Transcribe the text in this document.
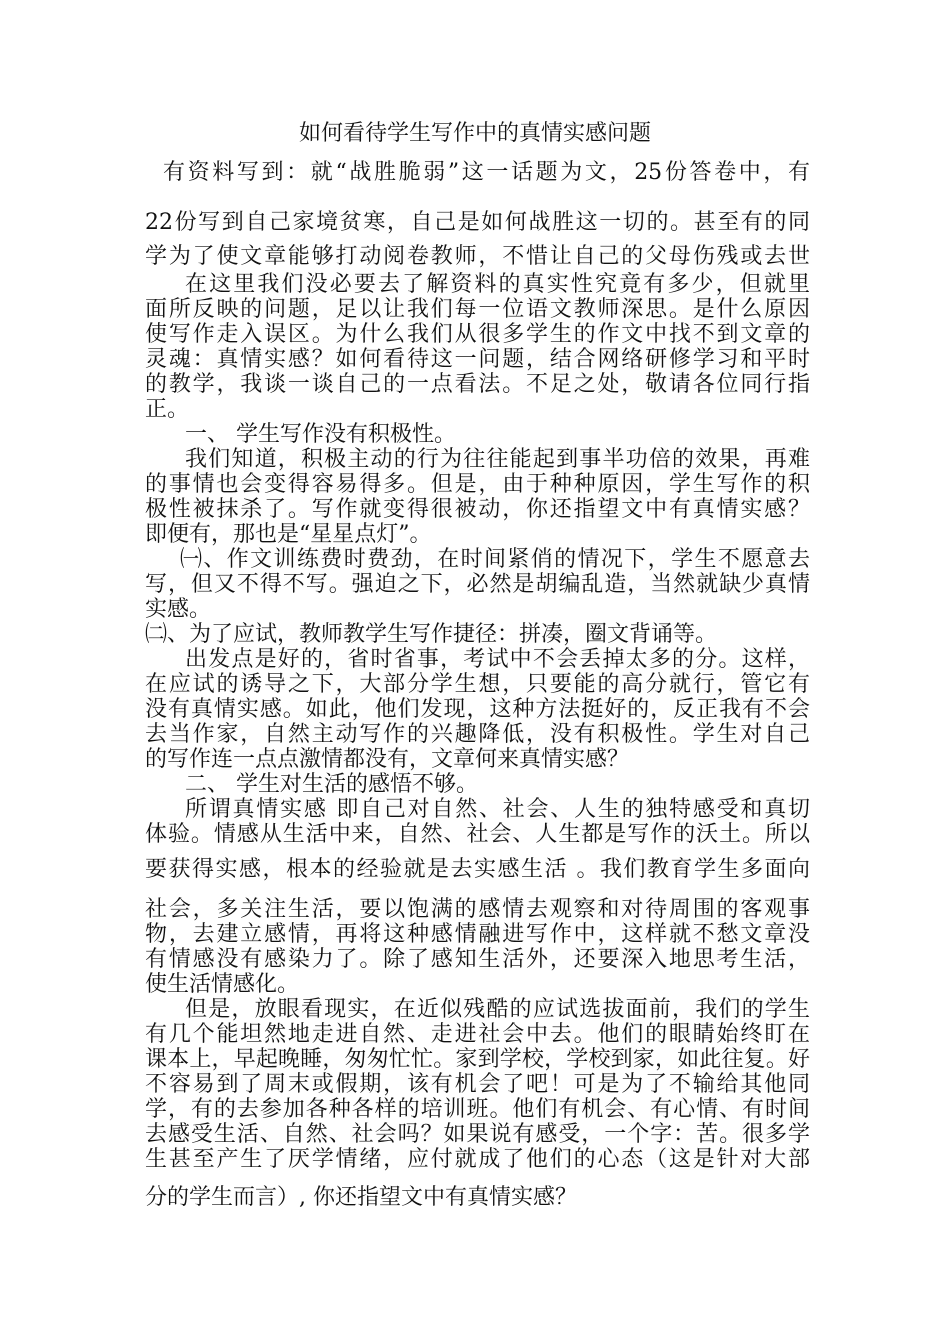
如何看待学生写作中的真情实感问题
有资料写到：就“战胜脆弱”这一话题为文，25份答卷中，有
22份写到自己家境贫寒，自己是如何战胜这一切的。甚至有的同
学为了使文章能够打动阅卷教师，不惜让自己的父母伤残或去世
在这里我们没必要去了解资料的真实性究竟有多少，但就里
面所反映的问题，足以让我们每一位语文教师深思。是什么原因
使写作走入误区。为什么我们从很多学生的作文中找不到文章的
灵魂：真情实感？如何看待这一问题，结合网络研修学习和平时
的教学，我谈一谈自己的一点看法。不足之处，敬请各位同行指
正。
一、 学生写作没有积极性。
我们知道，积极主动的行为往往能起到事半功倍的效果，再难
的事情也会变得容易得多。但是，由于种种原因，学生写作的积
极性被抹杀了。写作就变得很被动，你还指望文中有真情实感？
即便有，那也是“星星点灯”。
㈠、作文训练费时费劲，在时间紧俏的情况下，学生不愿意去
写，但又不得不写。强迫之下，必然是胡编乱造，当然就缺少真情
实感。
㈡、为了应试，教师教学生写作捷径：拼凑，圈文背诵等。
出发点是好的，省时省事，考试中不会丢掉太多的分。这样，
在应试的诱导之下，大部分学生想，只要能的高分就行，管它有
没有真情实感。如此，他们发现，这种方法挺好的，反正我有不会
去当作家，自然主动写作的兴趣降低，没有积极性。学生对自己
的写作连一点点激情都没有，文章何来真情实感？
二、 学生对生活的感悟不够。
所谓真情实感 即自己对自然、社会、人生的独特感受和真切
体验。情感从生活中来，自然、社会、人生都是写作的沃土。所以
要获得实感，根本的经验就是去实感生活 。我们教育学生多面向
社会，多关注生活，要以饱满的感情去观察和对待周围的客观事
物，去建立感情，再将这种感情融进写作中，这样就不愁文章没
有情感没有感染力了。除了感知生活外，还要深入地思考生活，
使生活情感化。
但是，放眼看现实，在近似残酷的应试选拔面前，我们的学生
有几个能坦然地走进自然、走进社会中去。他们的眼睛始终盯在
课本上，早起晚睡，匆匆忙忙。家到学校，学校到家，如此往复。好
不容易到了周末或假期，该有机会了吧！可是为了不输给其他同
学，有的去参加各种各样的培训班。他们有机会、有心情、有时间
去感受生活、自然、社会吗？如果说有感受，一个字：苦。很多学
生甚至产生了厌学情绪，应付就成了他们的心态（这是针对大部
分的学生而言）, 你还指望文中有真情实感？
